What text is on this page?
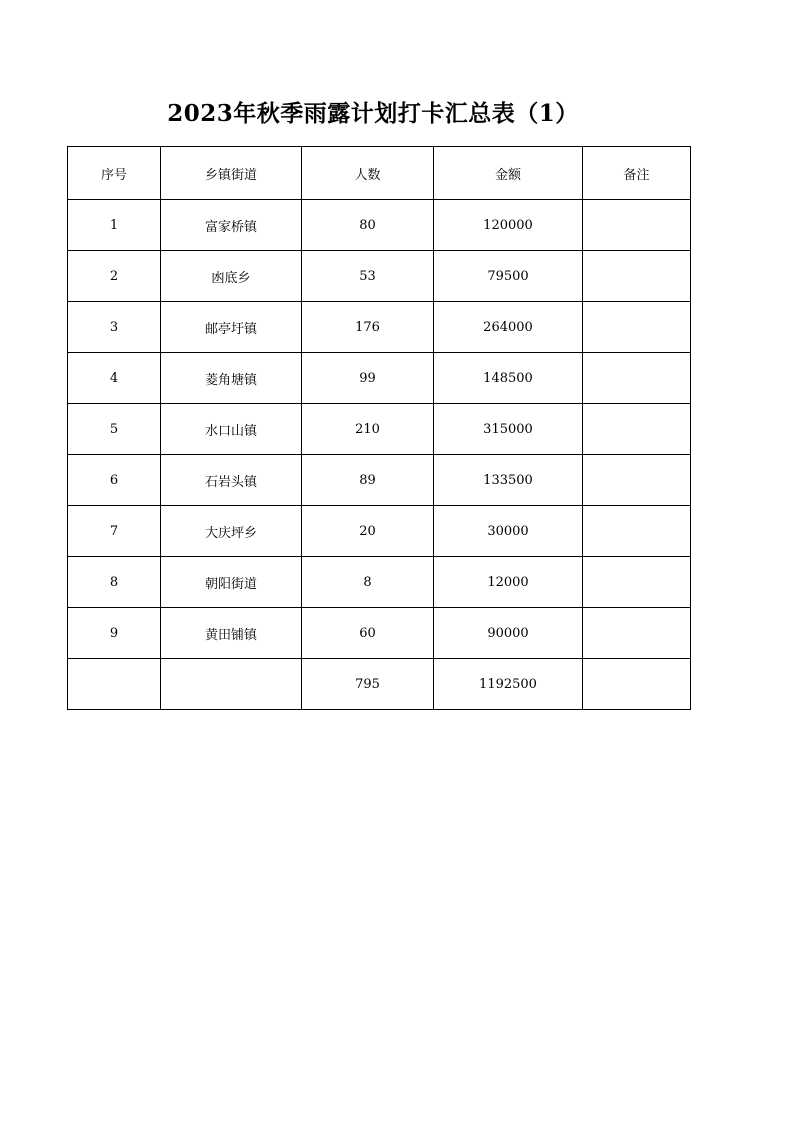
2023年秋季雨露计划打卡汇总表（1）
序号	乡镇街道	人数	金额	备注
1	富家桥镇	80	120000	
2	凼底乡	53	79500	
3	邮亭圩镇	176	264000	
4	菱角塘镇	99	148500	
5	水口山镇	210	315000	
6	石岩头镇	89	133500	
7	大庆坪乡	20	30000	
8	朝阳街道	8	12000	
9	黄田铺镇	60	90000	
		795	1192500	
